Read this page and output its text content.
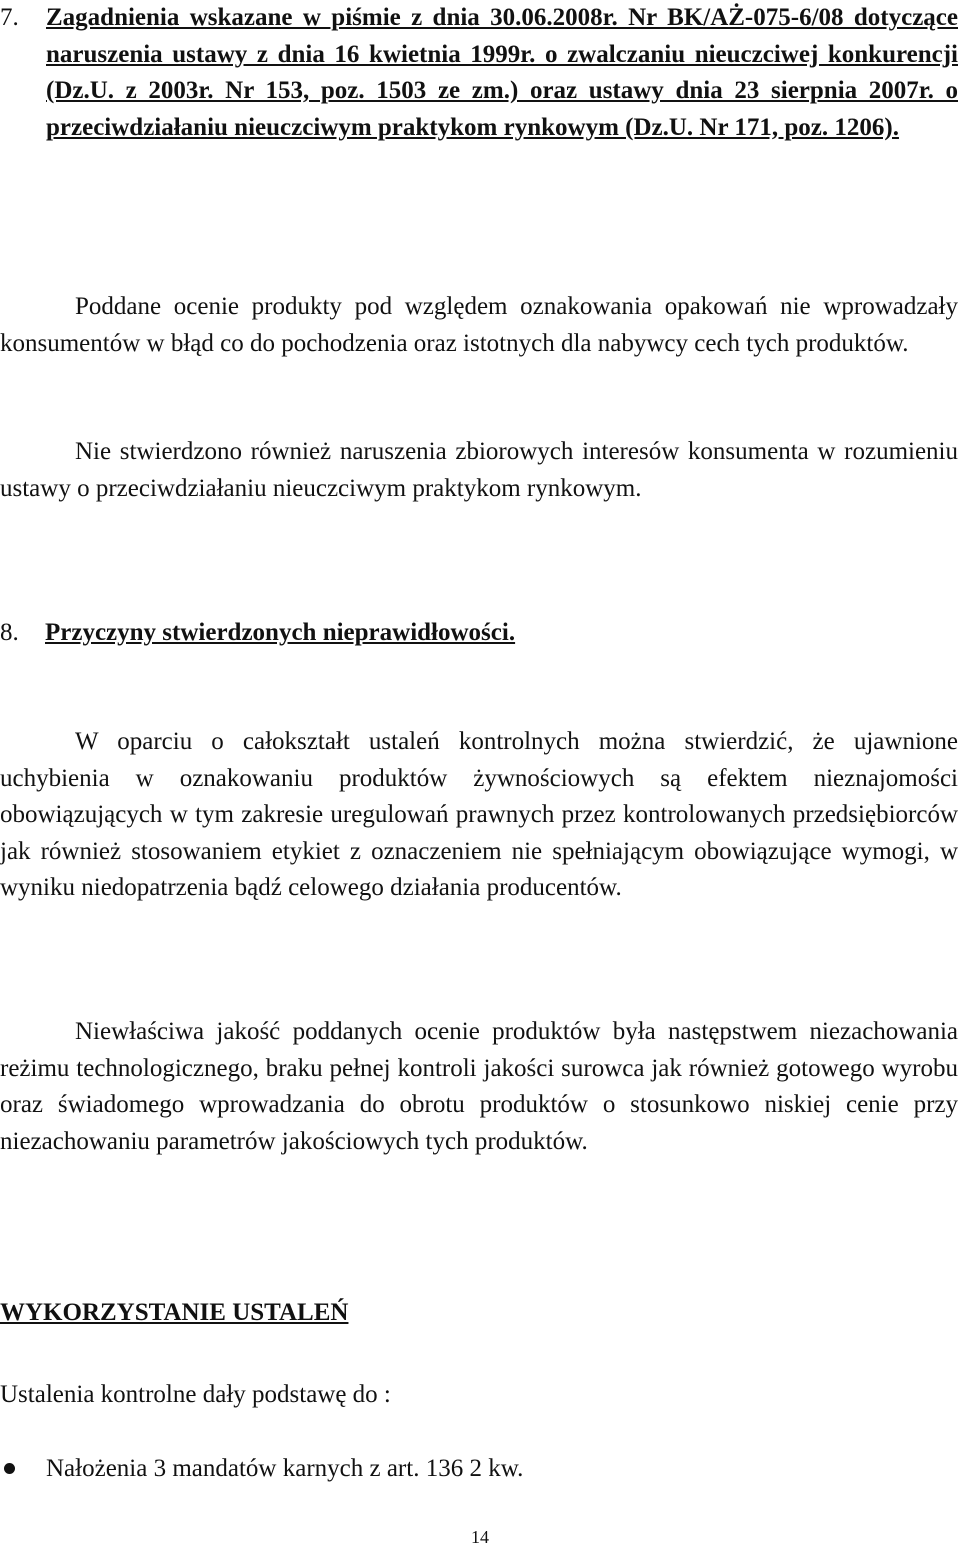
7. Zagadnienia wskazane w piśmie z dnia 30.06.2008r. Nr BK/AŻ-075-6/08 dotyczące naruszenia ustawy z dnia 16 kwietnia 1999r. o zwalczaniu nieuczciwej konkurencji (Dz.U. z 2003r. Nr 153, poz. 1503 ze zm.) oraz ustawy dnia 23 sierpnia 2007r. o przeciwdziałaniu nieuczciwym praktykom rynkowym (Dz.U. Nr 171, poz. 1206).

Poddane ocenie produkty pod względem oznakowania opakowań nie wprowadzały konsumentów w błąd co do pochodzenia oraz istotnych dla nabywcy cech tych produktów.

Nie stwierdzono również naruszenia zbiorowych interesów konsumenta w rozumieniu ustawy o przeciwdziałaniu nieuczciwym praktykom rynkowym.

8. Przyczyny stwierdzonych nieprawidłowości.

W oparciu o całokształt ustaleń kontrolnych można stwierdzić, że ujawnione uchybienia w oznakowaniu produktów żywnościowych są efektem nieznajomości obowiązujących w tym zakresie uregulowań prawnych przez kontrolowanych przedsiębiorców jak również stosowaniem etykiet z oznaczeniem nie spełniającym obowiązujące wymogi, w wyniku niedopatrzenia bądź celowego działania producentów.

Niewłaściwa jakość poddanych ocenie produktów była następstwem niezachowania reżimu technologicznego, braku pełnej kontroli jakości surowca jak również gotowego wyrobu oraz świadomego wprowadzania do obrotu produktów o stosunkowo niskiej cenie przy niezachowaniu parametrów jakościowych tych produktów.

WYKORZYSTANIE USTALEŃ
Ustalenia kontrolne dały podstawę do :
Nałożenia 3 mandatów karnych z art. 136 2 kw.
14
